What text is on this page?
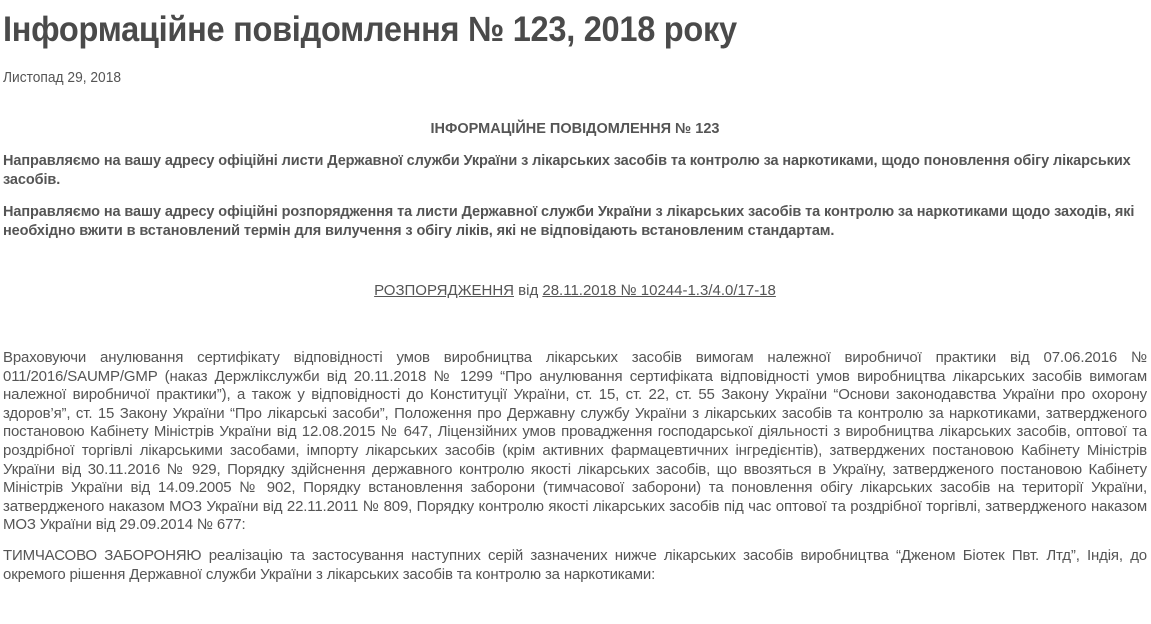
Інформаційне повідомлення № 123, 2018 року
Листопад 29, 2018
ІНФОРМАЦІЙНЕ ПОВІДОМЛЕННЯ № 123

Направляємо на вашу адресу офіційні листи Державної служби України з лікарських засобів та контролю за наркотиками, щодо поновлення обігу лікарських засобів.

Направляємо на вашу адресу офіційні розпорядження та листи Державної служби України з лікарських засобів та контролю за наркотиками щодо заходів, які необхідно вжити в встановлений термін для вилучення з обігу ліків, які не відповідають встановленим стандартам.

РОЗПОРЯДЖЕННЯ від 28.11.2018 № 10244-1.3/4.0/17-18

Враховуючи анулювання сертифікату відповідності умов виробництва лікарських засобів вимогам належної виробничої практики від 07.06.2016 № 011/2016/SAUMP/GMP (наказ Держлікслужби від 20.11.2018 № 1299 “Про анулювання сертифіката відповідності умов виробництва лікарських засобів вимогам належної виробничої практики”), а також у відповідності до Конституції України, ст. 15, ст. 22, ст. 55 Закону України “Основи законодавства України про охорону здоров’я”, ст. 15 Закону України “Про лікарські засоби”, Положення про Державну службу України з лікарських засобів та контролю за наркотиками, затвердженого постановою Кабінету Міністрів України від 12.08.2015 № 647, Ліцензійних умов провадження господарської діяльності з виробництва лікарських засобів, оптової та роздрібної торгівлі лікарськими засобами, імпорту лікарських засобів (крім активних фармацевтичних інгредієнтів), затверджених постановою Кабінету Міністрів України від 30.11.2016 № 929, Порядку здійснення державного контролю якості лікарських засобів, що ввозяться в Україну, затвердженого постановою Кабінету Міністрів України від 14.09.2005 № 902, Порядку встановлення заборони (тимчасової заборони) та поновлення обігу лікарських засобів на території України, затвердженого наказом МОЗ України від 22.11.2011 № 809, Порядку контролю якості лікарських засобів під час оптової та роздрібної торгівлі, затвердженого наказом МОЗ України від 29.09.2014 № 677:

ТИМЧАСОВО ЗАБОРОНЯЮ реалізацію та застосування наступних серій зазначених нижче лікарських засобів виробництва “Дженом Біотек Пвт. Лтд”, Індія, до окремого рішення Державної служби України з лікарських засобів та контролю за наркотиками:
